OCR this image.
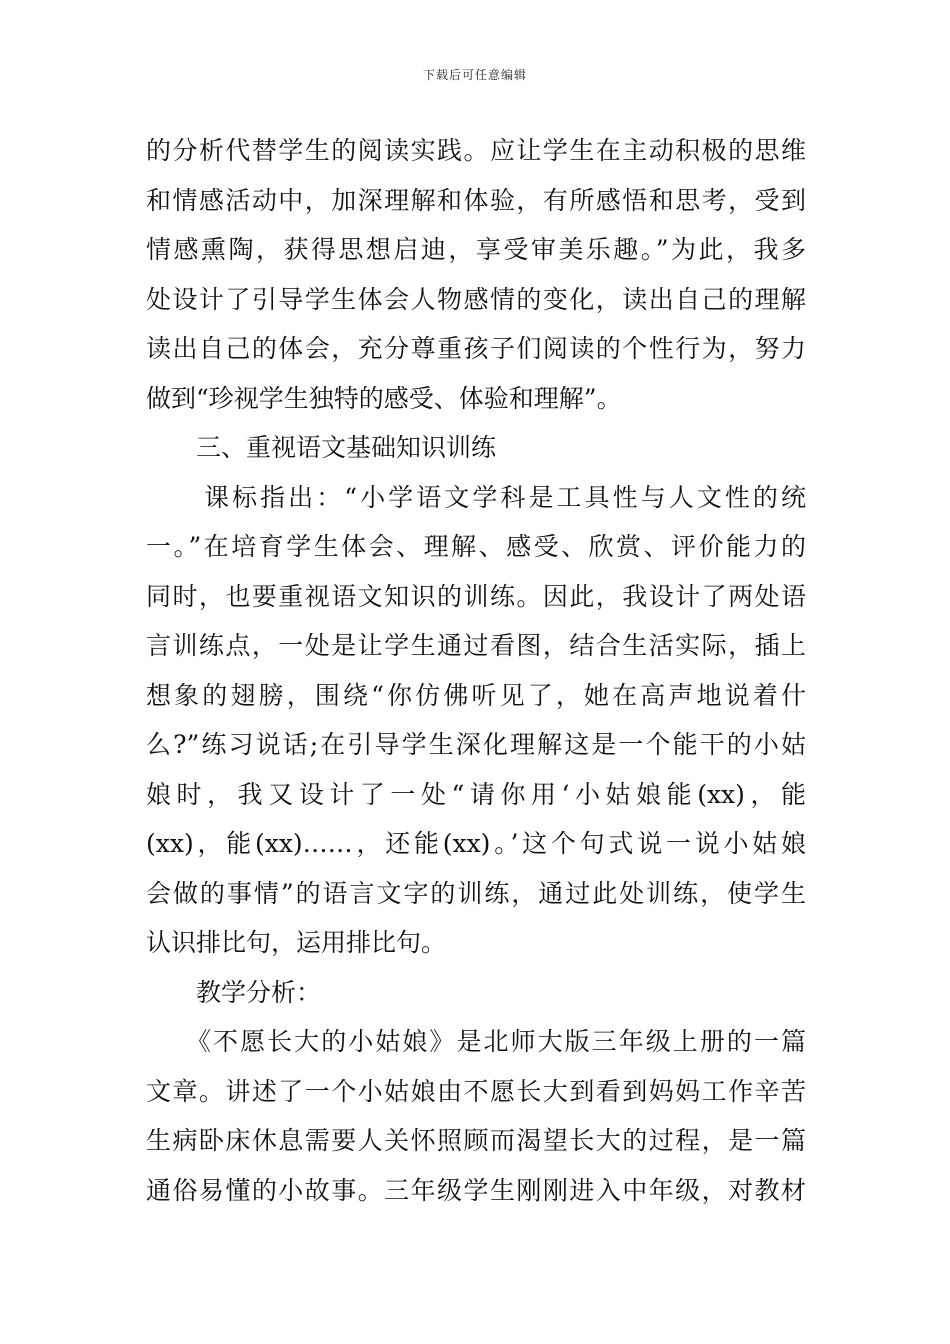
下载后可任意编辑
的分析代替学生的阅读实践。应让学生在主动积极的思维
和情感活动中，加深理解和体验，有所感悟和思考，受到
情感熏陶，获得思想启迪，享受审美乐趣。”为此，我多
处设计了引导学生体会人物感情的变化，读出自己的理解
读出自己的体会，充分尊重孩子们阅读的个性行为，努力
做到“珍视学生独特的感受、体验和理解”。
三、重视语文基础知识训练
课标指出：“小学语文学科是工具性与人文性的统
一。”在培育学生体会、理解、感受、欣赏、评价能力的
同时，也要重视语文知识的训练。因此，我设计了两处语
言训练点，一处是让学生通过看图，结合生活实际，插上
想象的翅膀，围绕“你仿佛听见了，她在高声地说着什
么?”练习说话;在引导学生深化理解这是一个能干的小姑
娘时，我又设计了一处“请你用‘小姑娘能(xx)，能
(xx)，能(xx)……，还能(xx)。’这个句式说一说小姑娘
会做的事情”的语言文字的训练，通过此处训练，使学生
认识排比句，运用排比句。
教学分析：
《不愿长大的小姑娘》是北师大版三年级上册的一篇
文章。讲述了一个小姑娘由不愿长大到看到妈妈工作辛苦
生病卧床休息需要人关怀照顾而渴望长大的过程，是一篇
通俗易懂的小故事。三年级学生刚刚进入中年级，对教材
